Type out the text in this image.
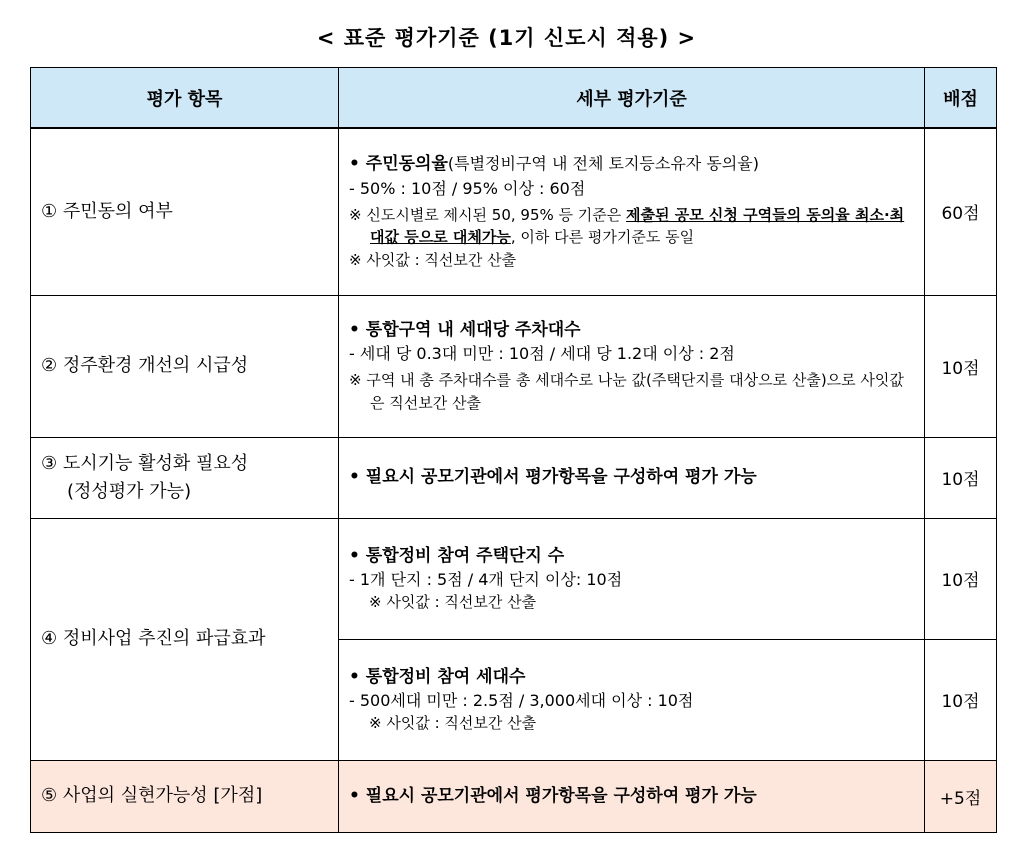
< 표준 평가기준 (1기 신도시 적용) >
평가 항목	세부 평가기준	배점
① 주민동의 여부	• 주민동의율(특별정비구역 내 전체 토지등소유자 동의율)
- 50% : 10점 / 95% 이상 : 60점
※ 신도시별로 제시된 50, 95% 등 기준은 제출된 공모 신청 구역들의 동의율 최소·최대값 등으로 대체가능, 이하 다른 평가기준도 동일
※ 사잇값 : 직선보간 산출	60점
② 정주환경 개선의 시급성	• 통합구역 내 세대당 주차대수
- 세대 당 0.3대 미만 : 10점 / 세대 당 1.2대 이상 : 2점
※ 구역 내 총 주차대수를 총 세대수로 나눈 값(주택단지를 대상으로 산출)으로 사잇값은 직선보간 산출	10점

③ 도시기능 활성화 필요성
(정성평가 가능)	• 필요시 공모기관에서 평가항목을 구성하여 평가 가능	10점
④ 정비사업 추진의 파급효과	• 통합정비 참여 주택단지 수
- 1개 단지 : 5점 / 4개 단지 이상: 10점
※ 사잇값 : 직선보간 산출	10점

	• 통합정비 참여 세대수
- 500세대 미만 : 2.5점 / 3,000세대 이상 : 10점
※ 사잇값 : 직선보간 산출	10점
⑤ 사업의 실현가능성 [가점]	• 필요시 공모기관에서 평가항목을 구성하여 평가 가능	+5점
